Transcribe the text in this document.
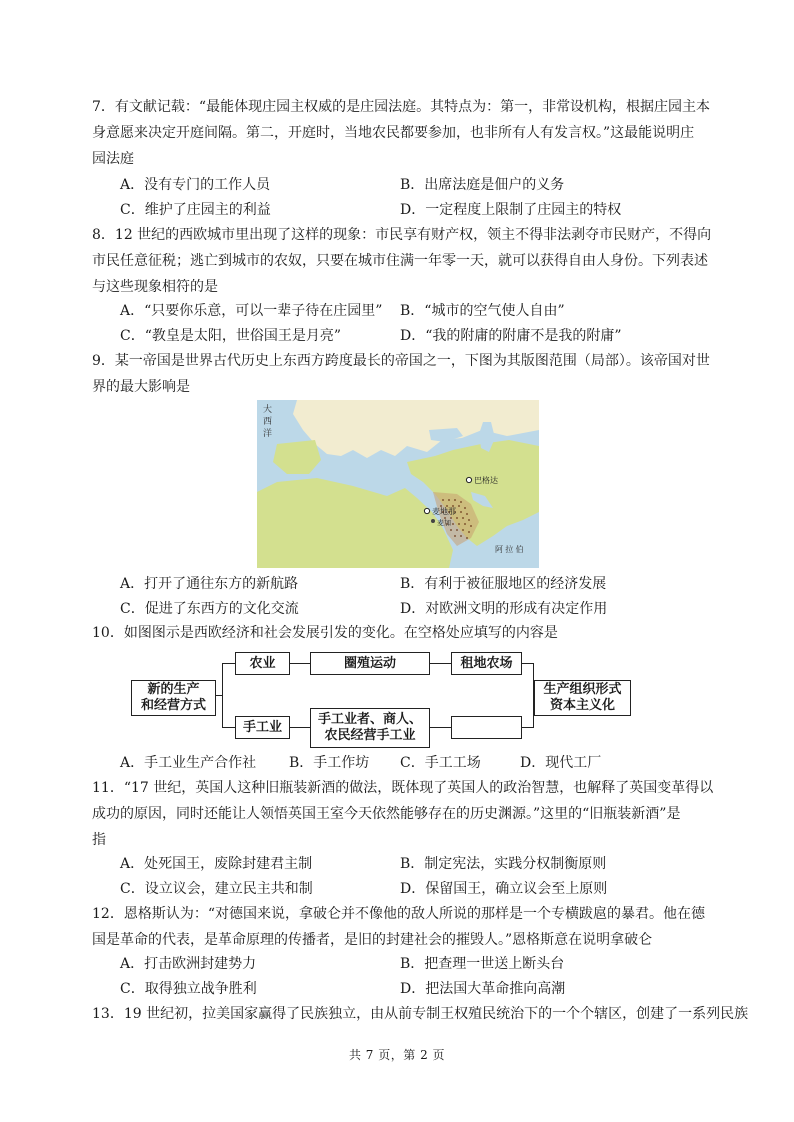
7．有文献记载：“最能体现庄园主权威的是庄园法庭。其特点为：第一，非常设机构，根据庄园主本
身意愿来决定开庭间隔。第二，开庭时，当地农民都要参加，也非所有人有发言权。”这最能说明庄
园法庭
A．没有专门的工作人员	B．出席法庭是佃户的义务
C．维护了庄园主的利益	D．一定程度上限制了庄园主的特权
8．12 世纪的西欧城市里出现了这样的现象：市民享有财产权，领主不得非法剥夺市民财产，不得向
市民任意征税；逃亡到城市的农奴，只要在城市住满一年零一天，就可以获得自由人身份。下列表述
与这些现象相符的是
A．“只要你乐意，可以一辈子待在庄园里” B．“城市的空气使人自由”
C．“教皇是太阳，世俗国王是月亮”	D．“我的附庸的附庸不是我的附庸”
9．某一帝国是世界古代历史上东西方跨度最长的帝国之一，下图为其版图范围（局部）。该帝国对世
界的最大影响是
大
西
洋
巴格达
麦地那
麦加
阿 拉 伯
A．打开了通往东方的新航路	B．有利于被征服地区的经济发展
C．促进了东西方的文化交流	D．对欧洲文明的形成有决定作用
10．如图图示是西欧经济和社会发展引发的变化。在空格处应填写的内容是
新的生产
和经营方式
农业	圈殖运动	租地农场
手工业	手工业者、商人、
农民经营手工业
生产组织形式
资本主义化
A．手工业生产合作社 B．手工作坊 C．手工工场	D．现代工厂
11．“17 世纪，英国人这种旧瓶装新酒的做法，既体现了英国人的政治智慧，也解释了英国变革得以
成功的原因，同时还能让人领悟英国王室今天依然能够存在的历史渊源。”这里的“旧瓶装新酒”是
指
A．处死国王，废除封建君主制	B．制定宪法，实践分权制衡原则
C．设立议会，建立民主共和制	D．保留国王，确立议会至上原则
12．恩格斯认为：“对德国来说，拿破仑并不像他的敌人所说的那样是一个专横跋扈的暴君。他在德
国是革命的代表，是革命原理的传播者，是旧的封建社会的摧毁人。”恩格斯意在说明拿破仑
A．打击欧洲封建势力	B．把查理一世送上断头台
C．取得独立战争胜利	D．把法国大革命推向高潮
13．19 世纪初，拉美国家赢得了民族独立，由从前专制王权殖民统治下的一个个辖区，创建了一系列民族
共 7 页，第 2 页
